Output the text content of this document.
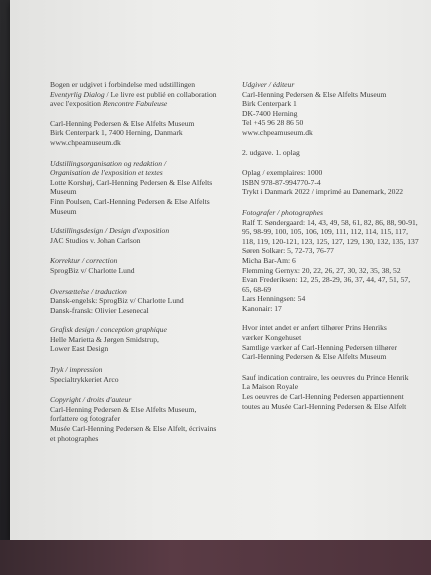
Bogen er udgivet i forbindelse med udstillingen
Eventyrlig Dialog / Le livre est publié en collaboration
avec l'exposition Rencontre Fabuleuse
Carl-Henning Pedersen & Else Alfelts Museum
Birk Centerpark 1, 7400 Herning, Danmark
www.chpeamuseum.dk
Udstillingsorganisation og redaktion /
Organisation de l'exposition et textes
Lotte Korshøj, Carl-Henning Pedersen & Else Alfelts
Museum
Finn Poulsen, Carl-Henning Pedersen & Else Alfelts
Museum
Udstillingsdesign / Design d'exposition
JAC Studios v. Johan Carlson
Korrektur / correction
SprogBiz v/ Charlotte Lund
Oversættelse / traduction
Dansk-engelsk: SprogBiz v/ Charlotte Lund
Dansk-fransk: Olivier Lesenecal
Grafisk design / conception graphique
Helle Marietta & Jørgen Smidstrup,
Lower East Design
Tryk / impression
Specialtrykkeriet Arco
Copyright / droits d'auteur
Carl-Henning Pedersen & Else Alfelts Museum,
forfattere og fotografer
Musée Carl-Henning Pedersen & Else Alfelt, écrivains
et photographes
Udgiver / éditeur
Carl-Henning Pedersen & Else Alfelts Museum
Birk Centerpark 1
DK-7400 Herning
Tel +45 96 28 86 50
www.chpeamuseum.dk
2. udgave. 1. oplag
Oplag / exemplaires: 1000
ISBN 978-87-994770-7-4
Trykt i Danmark 2022 / imprimé au Danemark, 2022
Fotografer / photographes
Ralf T. Søndergaard: 14, 43, 49, 58, 61, 82, 86, 88, 90-91,
95, 98-99, 100, 105, 106, 109, 111, 112, 114, 115, 117,
118, 119, 120-121, 123, 125, 127, 129, 130, 132, 135, 137
Søren Solkær: 5, 72-73, 76-77
Micha Bar-Am: 6
Flemming Gernyx: 20, 22, 26, 27, 30, 32, 35, 38, 52
Evan Frederiksen: 12, 25, 28-29, 36, 37, 44, 47, 51, 57,
65, 68-69
Lars Henningsen: 54
Kanonair: 17
Hvor intet andet er anført tilhører Prins Henriks
værker Kongehuset
Samtlige værker af Carl-Henning Pedersen tilhører
Carl-Henning Pedersen & Else Alfelts Museum
Sauf indication contraire, les oeuvres du Prince Henrik
La Maison Royale
Les oeuvres de Carl-Henning Pedersen appartiennent
toutes au Musée Carl-Henning Pedersen & Else Alfelt
